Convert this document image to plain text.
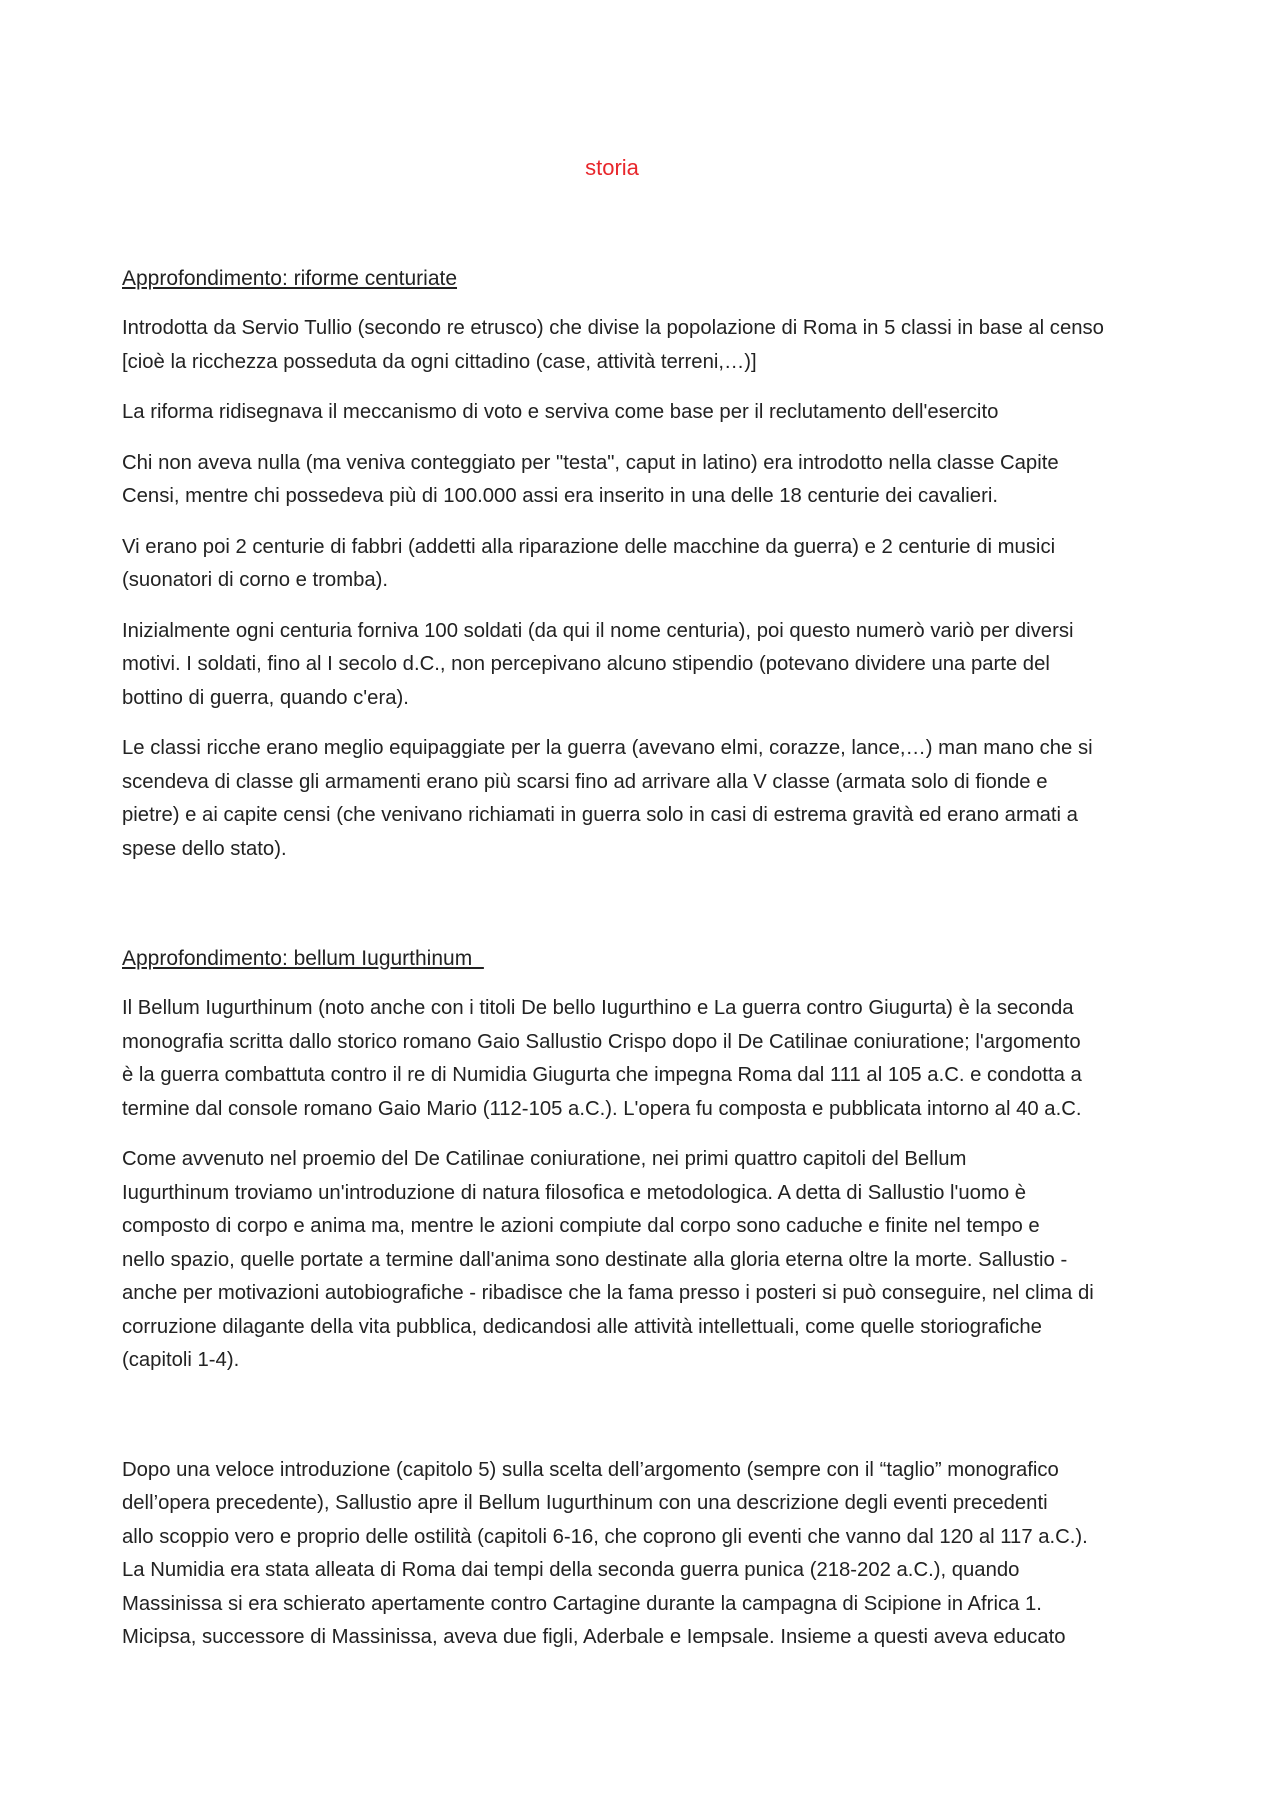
storia
Approfondimento: riforme centuriate

Introdotta da Servio Tullio (secondo re etrusco) che divise la popolazione di Roma in 5 classi in base al censo
[cioè la ricchezza posseduta da ogni cittadino (case, attività terreni,…)]

La riforma ridisegnava il meccanismo di voto e serviva come base per il reclutamento dell'esercito

Chi non aveva nulla (ma veniva conteggiato per "testa", caput in latino) era introdotto nella classe Capite
Censi, mentre chi possedeva più di 100.000 assi era inserito in una delle 18 centurie dei cavalieri.

Vi erano poi 2 centurie di fabbri (addetti alla riparazione delle macchine da guerra) e 2 centurie di musici
(suonatori di corno e tromba).

Inizialmente ogni centuria forniva 100 soldati (da qui il nome centuria), poi questo numerò variò per diversi
motivi. I soldati, fino al I secolo d.C., non percepivano alcuno stipendio (potevano dividere una parte del
bottino di guerra, quando c'era).

Le classi ricche erano meglio equipaggiate per la guerra (avevano elmi, corazze, lance,…) man mano che si
scendeva di classe gli armamenti erano più scarsi fino ad arrivare alla V classe (armata solo di fionde e
pietre) e ai capite censi (che venivano richiamati in guerra solo in casi di estrema gravità ed erano armati a
spese dello stato).

Approfondimento: bellum Iugurthinum

Il Bellum Iugurthinum (noto anche con i titoli De bello Iugurthino e La guerra contro Giugurta) è la seconda
monografia scritta dallo storico romano Gaio Sallustio Crispo dopo il De Catilinae coniuratione; l'argomento
è la guerra combattuta contro il re di Numidia Giugurta che impegna Roma dal 111 al 105 a.C. e condotta a
termine dal console romano Gaio Mario (112-105 a.C.). L'opera fu composta e pubblicata intorno al 40 a.C.

Come avvenuto nel proemio del De Catilinae coniuratione, nei primi quattro capitoli del Bellum
Iugurthinum troviamo un'introduzione di natura filosofica e metodologica. A detta di Sallustio l'uomo è
composto di corpo e anima ma, mentre le azioni compiute dal corpo sono caduche e finite nel tempo e
nello spazio, quelle portate a termine dall'anima sono destinate alla gloria eterna oltre la morte. Sallustio -
anche per motivazioni autobiografiche - ribadisce che la fama presso i posteri si può conseguire, nel clima di
corruzione dilagante della vita pubblica, dedicandosi alle attività intellettuali, come quelle storiografiche
(capitoli 1-4).

Dopo una veloce introduzione (capitolo 5) sulla scelta dell’argomento (sempre con il “taglio” monografico
dell’opera precedente), Sallustio apre il Bellum Iugurthinum con una descrizione degli eventi precedenti
allo scoppio vero e proprio delle ostilità (capitoli 6-16, che coprono gli eventi che vanno dal 120 al 117 a.C.).
La Numidia era stata alleata di Roma dai tempi della seconda guerra punica (218-202 a.C.), quando
Massinissa si era schierato apertamente contro Cartagine durante la campagna di Scipione in Africa 1.
Micipsa, successore di Massinissa, aveva due figli, Aderbale e Iempsale. Insieme a questi aveva educato
